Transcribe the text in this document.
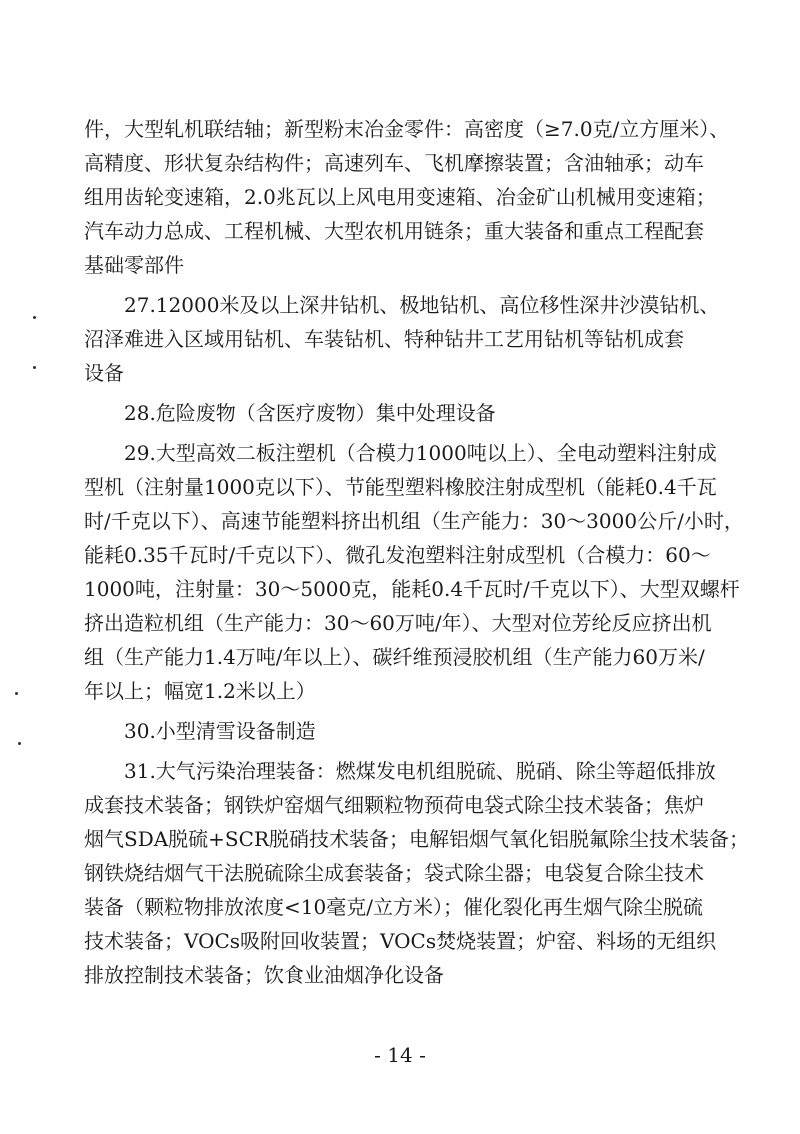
件，大型轧机联结轴；新型粉末冶金零件：高密度（≥7.0克/立方厘米）、
高精度、形状复杂结构件；高速列车、飞机摩擦装置；含油轴承；动车
组用齿轮变速箱，2.0兆瓦以上风电用变速箱、冶金矿山机械用变速箱；
汽车动力总成、工程机械、大型农机用链条；重大装备和重点工程配套
基础零部件
27.12000米及以上深井钻机、极地钻机、高位移性深井沙漠钻机、
沼泽难进入区域用钻机、车装钻机、特种钻井工艺用钻机等钻机成套
设备
28.危险废物（含医疗废物）集中处理设备
29.大型高效二板注塑机（合模力1000吨以上）、全电动塑料注射成
型机（注射量1000克以下）、节能型塑料橡胶注射成型机（能耗0.4千瓦
时/千克以下）、高速节能塑料挤出机组（生产能力：30～3000公斤/小时，
能耗0.35千瓦时/千克以下）、微孔发泡塑料注射成型机（合模力：60～
1000吨，注射量：30～5000克，能耗0.4千瓦时/千克以下）、大型双螺杆
挤出造粒机组（生产能力：30～60万吨/年）、大型对位芳纶反应挤出机
组（生产能力1.4万吨/年以上）、碳纤维预浸胶机组（生产能力60万米/
年以上；幅宽1.2米以上）
30.小型清雪设备制造
31.大气污染治理装备：燃煤发电机组脱硫、脱硝、除尘等超低排放
成套技术装备；钢铁炉窑烟气细颗粒物预荷电袋式除尘技术装备；焦炉
烟气SDA脱硫+SCR脱硝技术装备；电解铝烟气氧化铝脱氟除尘技术装备；
钢铁烧结烟气干法脱硫除尘成套装备；袋式除尘器；电袋复合除尘技术
装备（颗粒物排放浓度<10毫克/立方米）；催化裂化再生烟气除尘脱硫
技术装备；VOCs吸附回收装置；VOCs焚烧装置；炉窑、料场的无组织
排放控制技术装备；饮食业油烟净化设备
- 14 -
